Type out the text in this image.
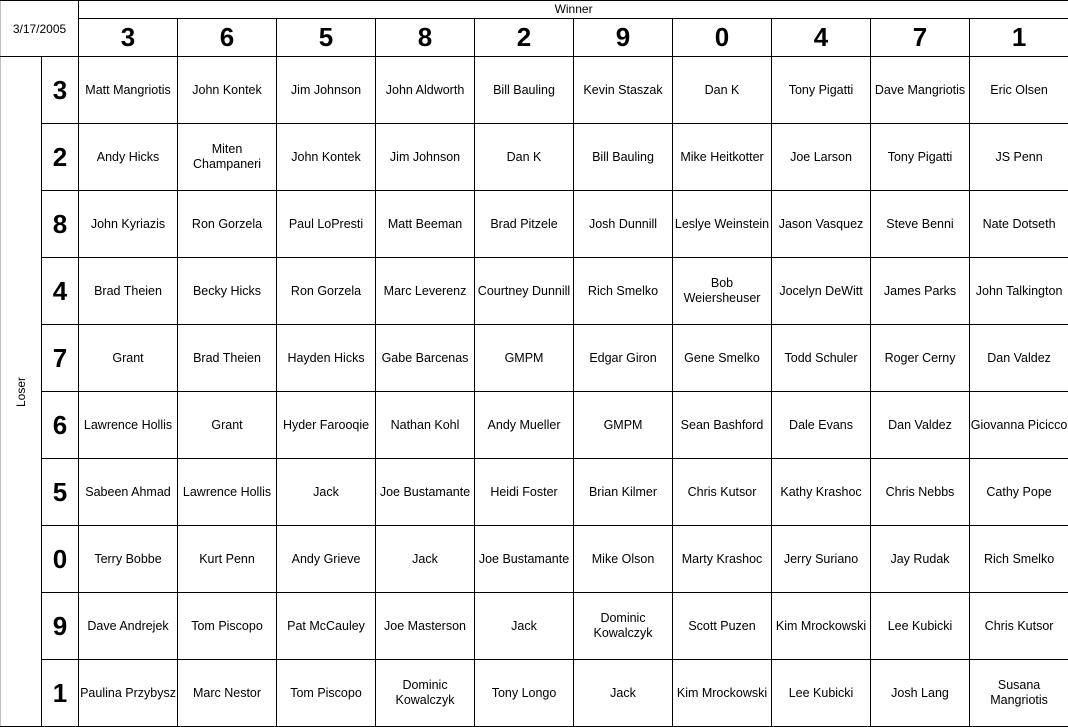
3/17/2005		Winner									
		3	6	5	8	2	9	0	4	7	1
Loser	3	Matt Mangriotis	John Kontek	Jim Johnson	John Aldworth	Bill Bauling	Kevin Staszak	Dan K	Tony Pigatti	Dave Mangriotis	Eric Olsen
	2	Andy Hicks	Miten Champaneri	John Kontek	Jim Johnson	Dan K	Bill Bauling	Mike Heitkotter	Joe Larson	Tony Pigatti	JS Penn
	8	John Kyriazis	Ron Gorzela	Paul LoPresti	Matt Beeman	Brad Pitzele	Josh Dunnill	Leslye Weinstein	Jason Vasquez	Steve Benni	Nate Dotseth
	4	Brad Theien	Becky Hicks	Ron Gorzela	Marc Leverenz	Courtney Dunnill	Rich Smelko	Bob Weiersheuser	Jocelyn DeWitt	James Parks	John Talkington
	7	Grant	Brad Theien	Hayden Hicks	Gabe Barcenas	GMPM	Edgar Giron	Gene Smelko	Todd Schuler	Roger Cerny	Dan Valdez
	6	Lawrence Hollis	Grant	Hyder Farooqie	Nathan Kohl	Andy Mueller	GMPM	Sean Bashford	Dale Evans	Dan Valdez	Giovanna Picicco
	5	Sabeen Ahmad	Lawrence Hollis	Jack	Joe Bustamante	Heidi Foster	Brian Kilmer	Chris Kutsor	Kathy Krashoc	Chris Nebbs	Cathy Pope
	0	Terry Bobbe	Kurt Penn	Andy Grieve	Jack	Joe Bustamante	Mike Olson	Marty Krashoc	Jerry Suriano	Jay Rudak	Rich Smelko
	9	Dave Andrejek	Tom Piscopo	Pat McCauley	Joe Masterson	Jack	Dominic Kowalczyk	Scott Puzen	Kim Mrockowski	Lee Kubicki	Chris Kutsor
	1	Paulina Przybysz	Marc Nestor	Tom Piscopo	Dominic Kowalczyk	Tony Longo	Jack	Kim Mrockowski	Lee Kubicki	Josh Lang	Susana Mangriotis
